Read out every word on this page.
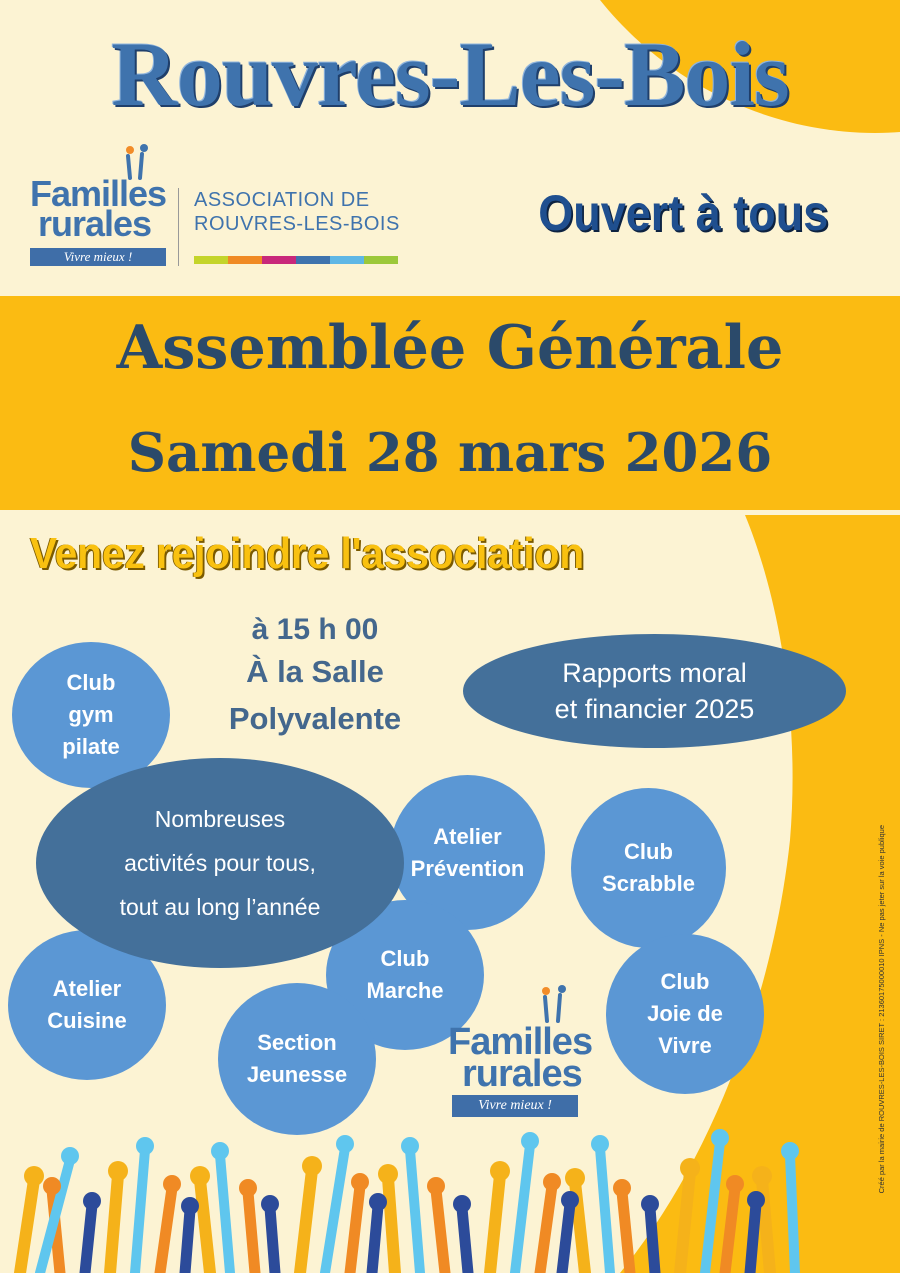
Rouvres-Les-Bois
Familles
rurales
Vivre mieux !
ASSOCIATION DE
ROUVRES-LES-BOIS	Ouvert à tous
Assemblée Générale
Samedi 28 mars 2026
Venez rejoindre l'association
à 15 h 00
À la Salle
Polyvalente
Rapports moral
et financier 2025
Club
gym
pilate
Atelier
Prévention
Club
Scrabble
Atelier
Cuisine
Club
Marche
Section
Jeunesse
Club
Joie de
Vivre
Nombreuses
activités pour tous,
tout au long l’année
Familles
rurales
Vivre mieux !	Créé par la mairie de ROUVRES-LES-BOIS SIRET : 21360175000010 IPNS - Ne pas jeter sur la voie publique
